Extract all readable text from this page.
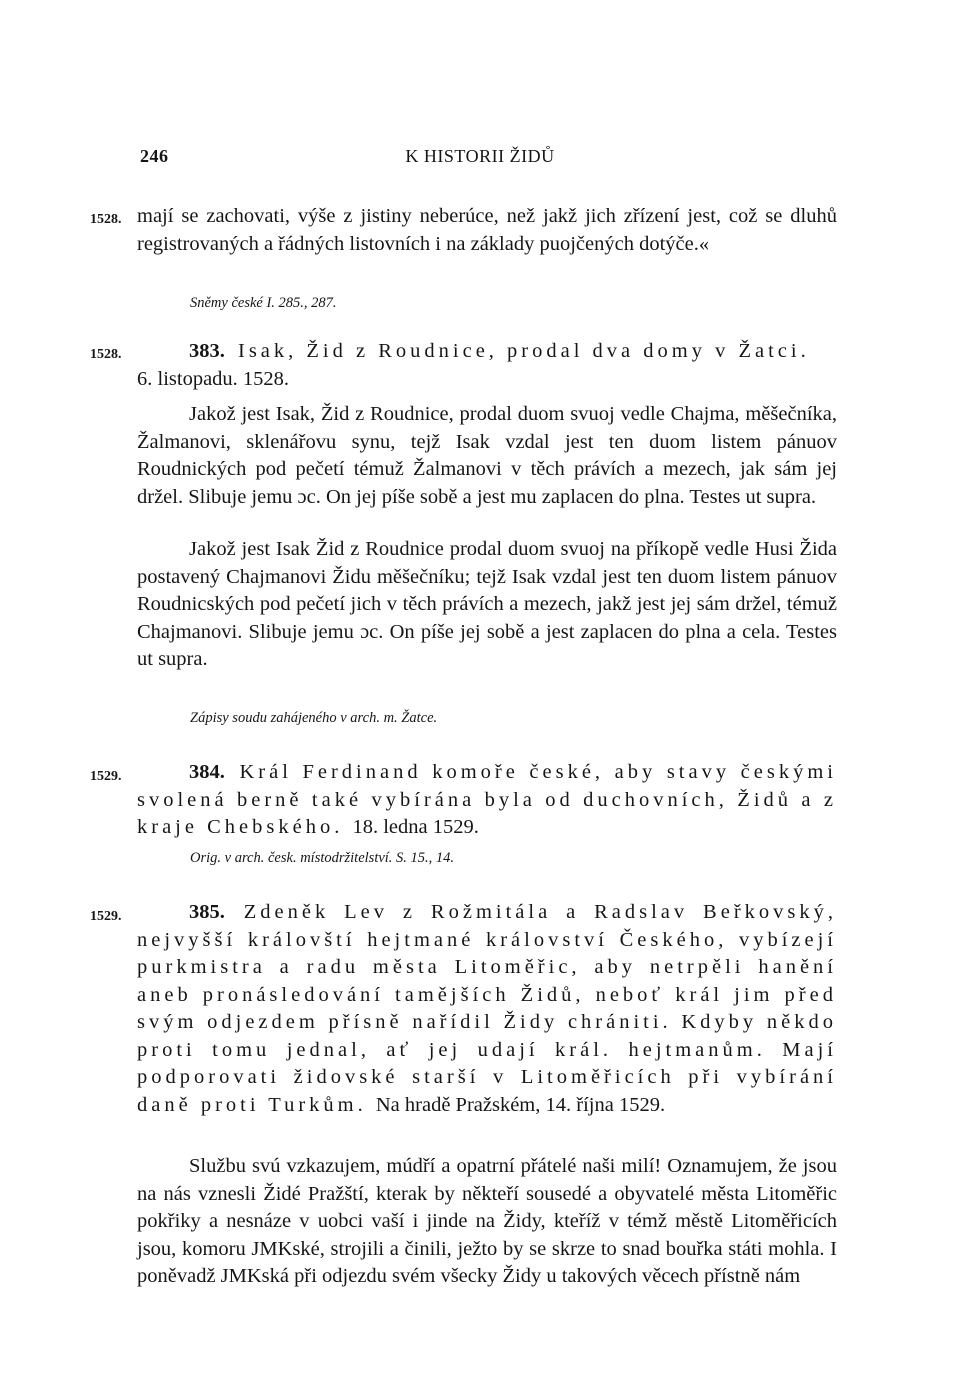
246	K HISTORII ŽIDŮ
1528. mají se zachovati, výše z jistiny neberúce, než jakž jich zřízení jest, což se dluhů registrovaných a řádných listovních i na základy puojčených dotýče.«

Sněmy české I. 285., 287.

1528.	383. Isak, Žid z Roudnice, prodal dva domy v Žatci.

6. listopadu. 1528.

Jakož jest Isak, Žid z Roudnice, prodal duom svuoj vedle Chajma, měšečníka, Žalmanovi, sklenářovu synu, tejž Isak vzdal jest ten duom listem pánuov Roudnických pod pečetí témuž Žalmanovi v těch právích a mezech, jak sám jej držel. Slibuje jemu ɔc. On jej píše sobě a jest mu zaplacen do plna. Testes ut supra.

Jakož jest Isak Žid z Roudnice prodal duom svuoj na příkopě vedle Husi Žida postavený Chajmanovi Židu měšečníku; tejž Isak vzdal jest ten duom listem pánuov Roudnicských pod pečetí jich v těch právích a mezech, jakž jest jej sám držel, témuž Chajmanovi. Slibuje jemu ɔc. On píše jej sobě a jest zaplacen do plna a cela. Testes ut supra.

Zápisy soudu zahájeného v arch. m. Žatce.

1529.	384. Král Ferdinand komoře české, aby stavy českými svolená berně také vybírána byla od duchovních, Židů a z kraje Chebského. 18. ledna 1529.

Orig. v arch. česk. místodržitelství. S. 15., 14.

1529.	385. Zdeněk Lev z Rožmitála a Radslav Beřkovský, nejvyšší královští hejtmané království Českého, vybízejí purkmistra a radu města Litoměřic, aby netrpěli hanění aneb pronásledování tamějších Židů, neboť král jim před svým odjezdem přísně nařídil Židy chrániti. Kdyby někdo proti tomu jednal, ať jej udají král. hejtmanům. Mají podporovati židovské starší v Litoměřicích při vybírání daně proti Turkům. Na hradě Pražském, 14. října 1529.

Službu svú vzkazujem, múdří a opatrní přátelé naši milí! Oznamujem, že jsou na nás vznesli Židé Pražští, kterak by někteří sousedé a obyvatelé města Litoměřic pokřiky a nesnáze v uobci vaší i jinde na Židy, kteříž v témž městě Litoměřicích jsou, komoru JMKské, strojili a činili, ježto by se skrze to snad bouřka státi mohla. I poněvadž JMKská při odjezdu svém všecky Židy u takových věcech přístně nám
